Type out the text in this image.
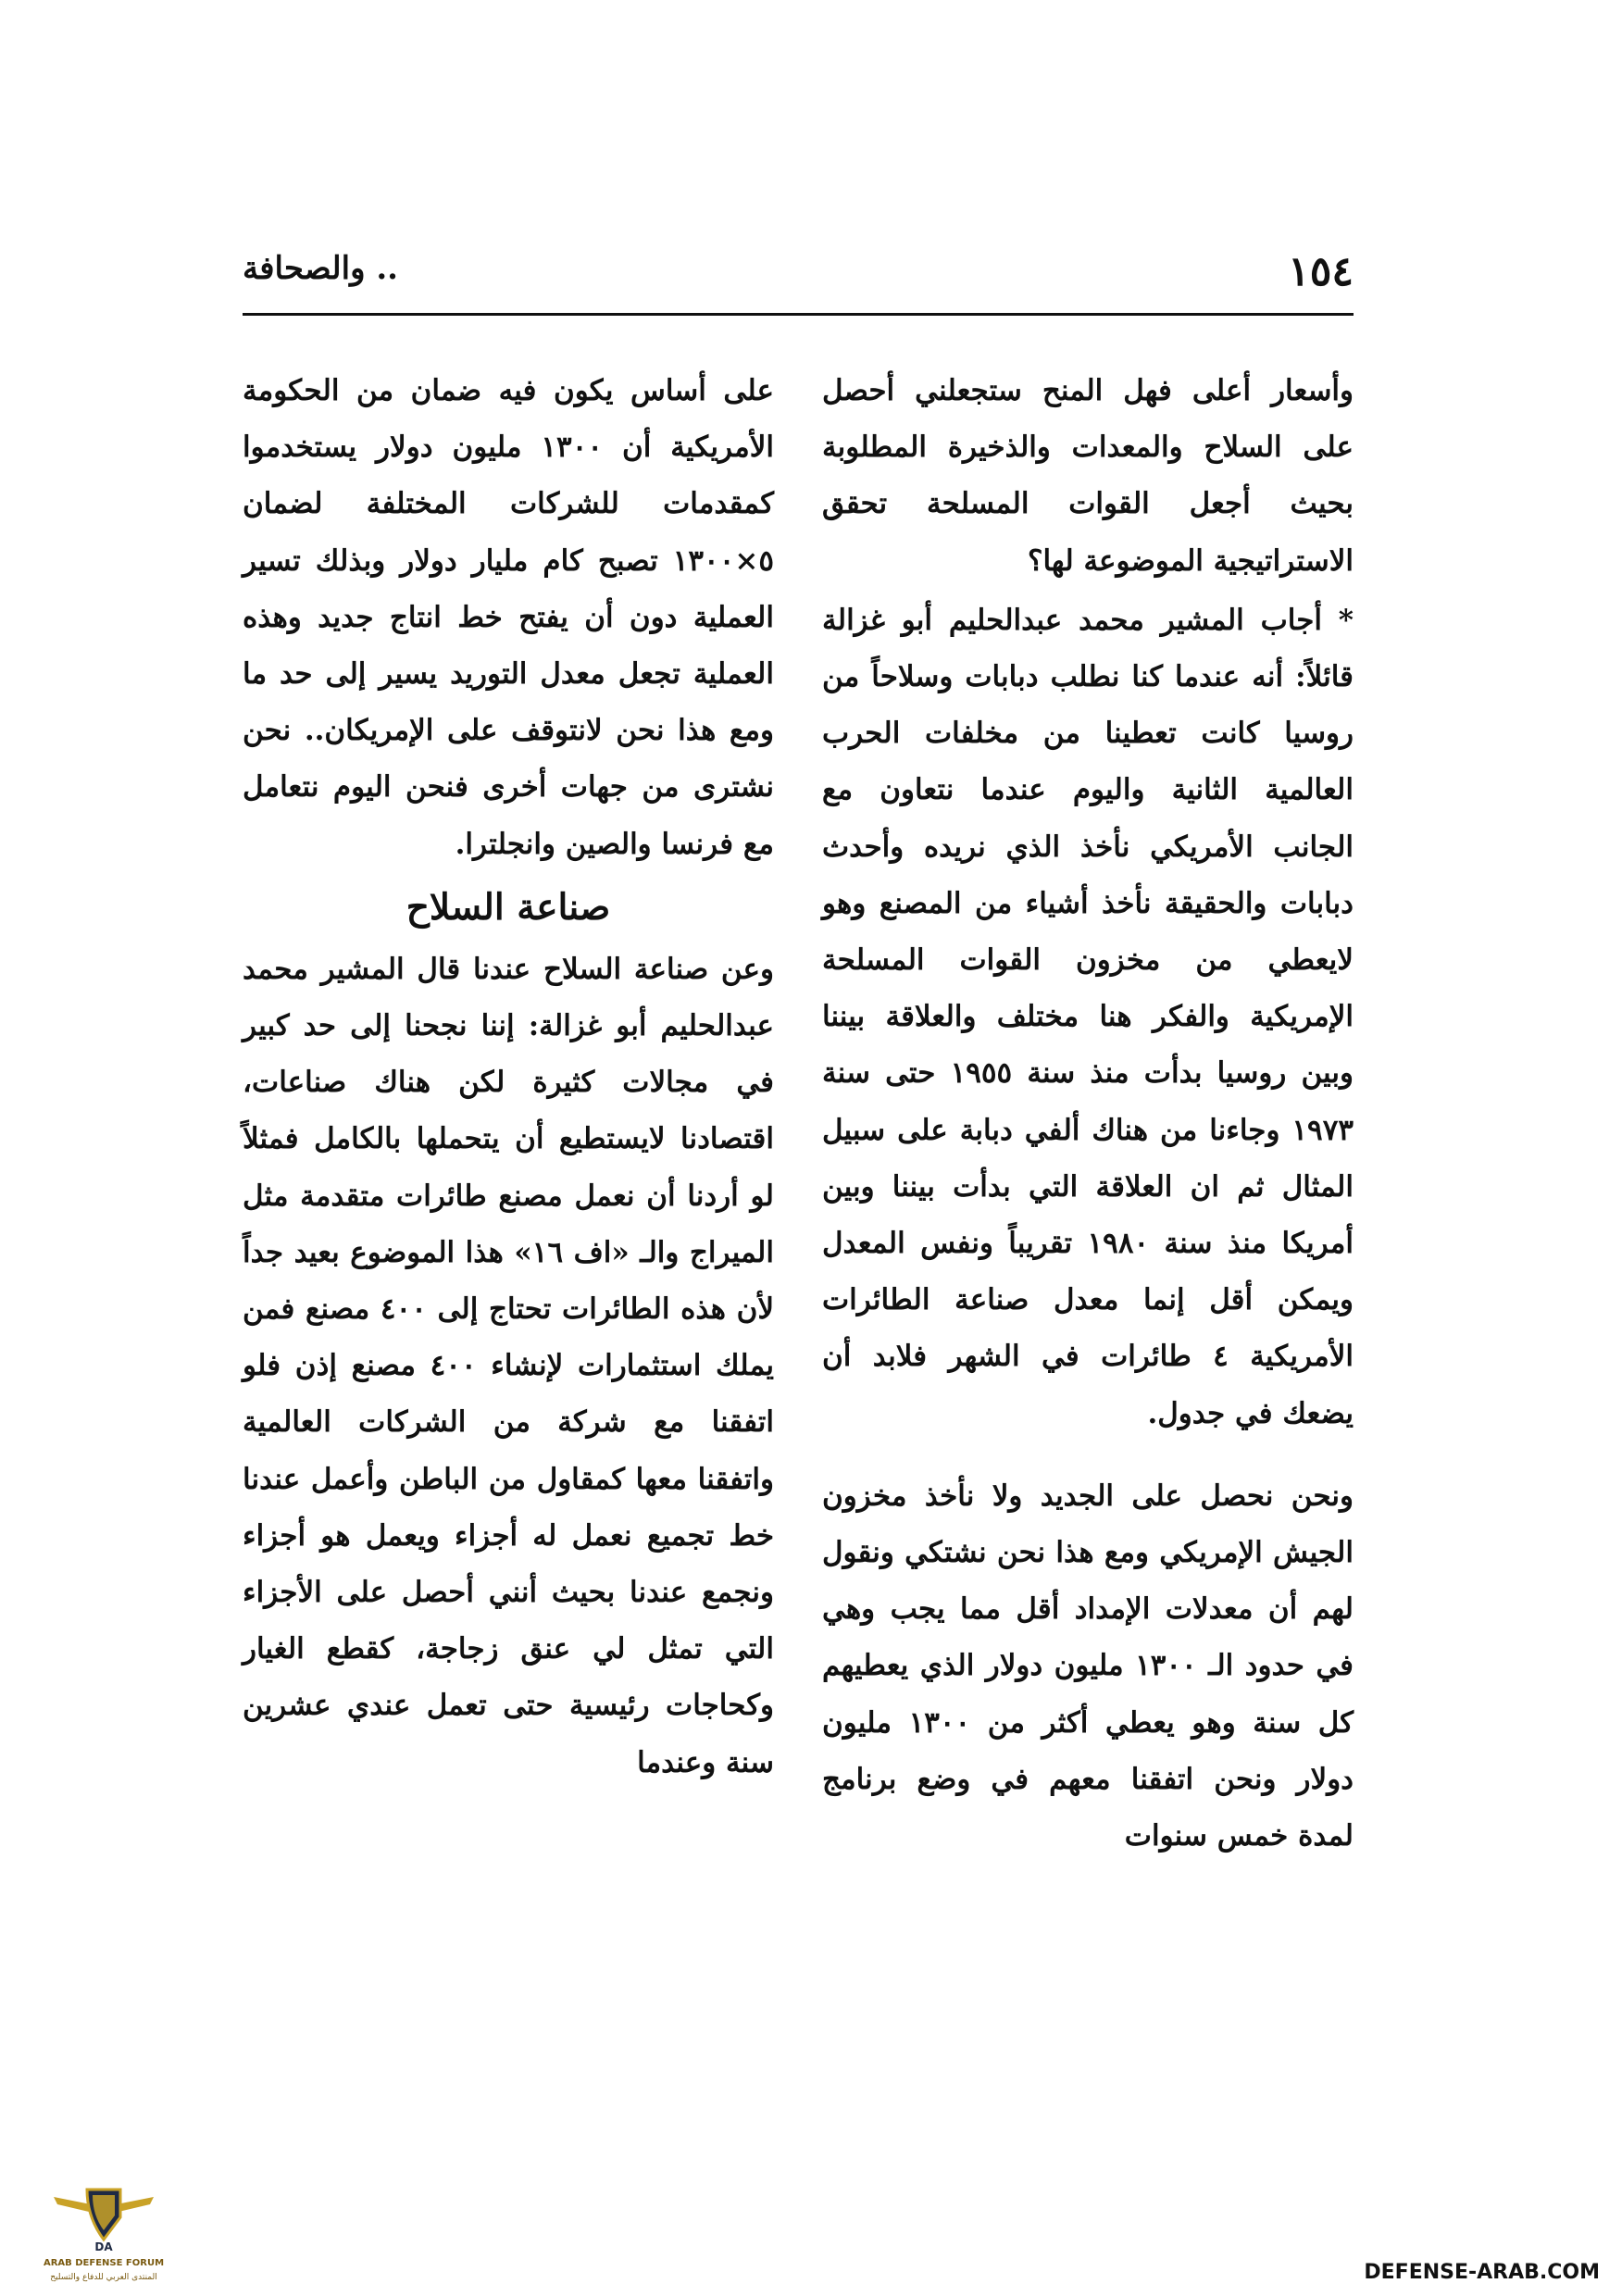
١٥٤
.. والصحافة

وأسعار أعلى فهل المنح ستجعلني أحصل على السلاح والمعدات والذخيرة المطلوبة بحيث أجعل القوات المسلحة تحقق الاستراتيجية الموضوعة لها؟

* أجاب المشير محمد عبدالحليم أبو غزالة قائلاً: أنه عندما كنا نطلب دبابات وسلاحاً من روسيا كانت تعطينا من مخلفات الحرب العالمية الثانية واليوم عندما نتعاون مع الجانب الأمريكي نأخذ الذي نريده وأحدث دبابات والحقيقة نأخذ أشياء من المصنع وهو لايعطي من مخزون القوات المسلحة الإمريكية والفكر هنا مختلف والعلاقة بيننا وبين روسيا بدأت منذ سنة ١٩٥٥ حتى سنة ١٩٧٣ وجاءنا من هناك ألفي دبابة على سبيل المثال ثم ان العلاقة التي بدأت بيننا وبين أمريكا منذ سنة ١٩٨٠ تقريباً ونفس المعدل ويمكن أقل إنما معدل صناعة الطائرات الأمريكية ٤ طائرات في الشهر فلابد أن يضعك في جدول.

ونحن نحصل على الجديد ولا نأخذ مخزون الجيش الإمريكي ومع هذا نحن نشتكي ونقول لهم أن معدلات الإمداد أقل مما يجب وهي في حدود الـ ١٣٠٠ مليون دولار الذي يعطيهم كل سنة وهو يعطي أكثر من ١٣٠٠ مليون دولار ونحن اتفقنا معهم في وضع برنامج لمدة خمس سنوات

على أساس يكون فيه ضمان من الحكومة الأمريكية أن ١٣٠٠ مليون دولار يستخدموا كمقدمات للشركات المختلفة لضمان ٥×١٣٠٠ تصبح كام مليار دولار وبذلك تسير العملية دون أن يفتح خط انتاج جديد وهذه العملية تجعل معدل التوريد يسير إلى حد ما ومع هذا نحن لانتوقف على الإمريكان.. نحن نشترى من جهات أخرى فنحن اليوم نتعامل مع فرنسا والصين وانجلترا.

صناعة السلاح

وعن صناعة السلاح عندنا قال المشير محمد عبدالحليم أبو غزالة: إننا نجحنا إلى حد كبير في مجالات كثيرة لكن هناك صناعات، اقتصادنا لايستطيع أن يتحملها بالكامل فمثلاً لو أردنا أن نعمل مصنع طائرات متقدمة مثل الميراج والـ «اف ١٦» هذا الموضوع بعيد جداً لأن هذه الطائرات تحتاج إلى ٤٠٠ مصنع فمن يملك استثمارات لإنشاء ٤٠٠ مصنع إذن فلو اتفقنا مع شركة من الشركات العالمية واتفقنا معها كمقاول من الباطن وأعمل عندنا خط تجميع نعمل له أجزاء ويعمل هو أجزاء ونجمع عندنا بحيث أنني أحصل على الأجزاء التي تمثل لي عنق زجاجة، كقطع الغيار وكحاجات رئيسية حتى تعمل عندي عشرين سنة وعندما

DA
ARAB DEFENSE FORUM
المنتدى العربي للدفاع والتسليح	DEFENSE-ARAB.COM
